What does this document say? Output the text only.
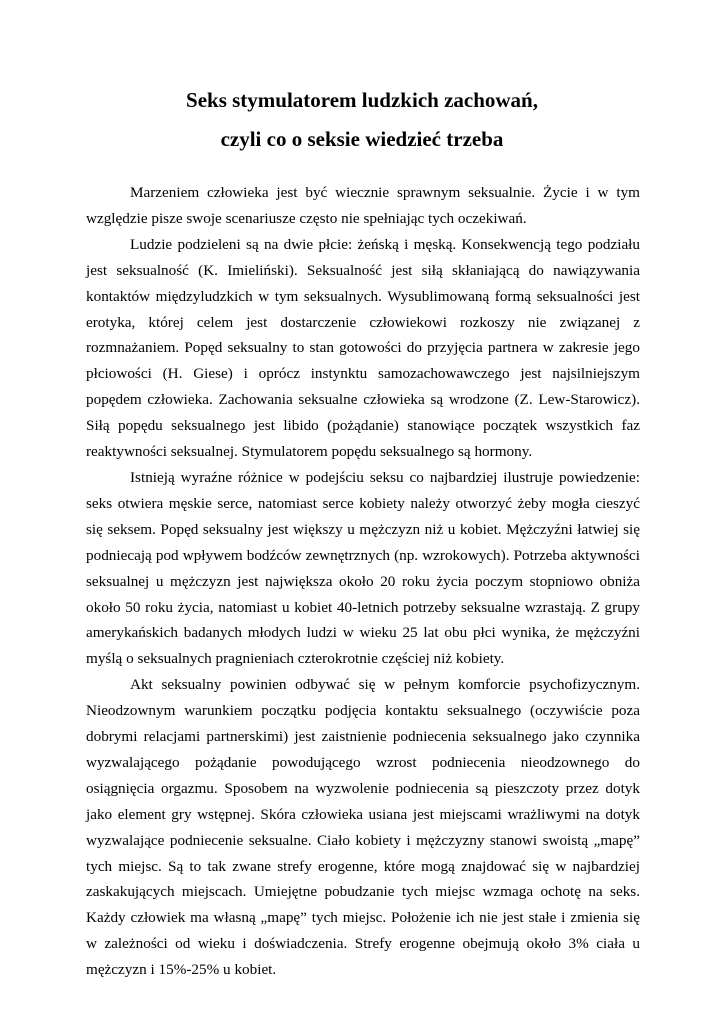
Seks stymulatorem ludzkich zachowań,
czyli co o seksie wiedzieć trzeba

Marzeniem człowieka jest być wiecznie sprawnym seksualnie. Życie i w tym względzie pisze swoje scenariusze często nie spełniając tych oczekiwań.

Ludzie podzieleni są na dwie płcie: żeńską i męską. Konsekwencją tego podziału jest seksualność (K. Imieliński). Seksualność jest siłą skłaniającą do nawiązywania kontaktów międzyludzkich w tym seksualnych. Wysublimowaną formą seksualności jest erotyka, której celem jest dostarczenie człowiekowi rozkoszy nie związanej z rozmnażaniem. Popęd seksualny to stan gotowości do przyjęcia partnera w zakresie jego płciowości (H. Giese) i oprócz instynktu samozachowawczego jest najsilniejszym popędem człowieka. Zachowania seksualne człowieka są wrodzone (Z. Lew-Starowicz). Siłą popędu seksualnego jest libido (pożądanie) stanowiące początek wszystkich faz reaktywności seksualnej. Stymulatorem popędu seksualnego są hormony.

Istnieją wyraźne różnice w podejściu seksu co najbardziej ilustruje powiedzenie: seks otwiera męskie serce, natomiast serce kobiety należy otworzyć żeby mogła cieszyć się seksem. Popęd seksualny jest większy u mężczyzn niż u kobiet. Mężczyźni łatwiej się podniecają pod wpływem bodźców zewnętrznych (np. wzrokowych). Potrzeba aktywności seksualnej u mężczyzn jest największa około 20 roku życia poczym stopniowo obniża około 50 roku życia, natomiast u kobiet 40-letnich potrzeby seksualne wzrastają. Z grupy amerykańskich badanych młodych ludzi w wieku 25 lat obu płci wynika, że mężczyźni myślą o seksualnych pragnieniach czterokrotnie częściej niż kobiety.

Akt seksualny powinien odbywać się w pełnym komforcie psychofizycznym. Nieodzownym warunkiem początku podjęcia kontaktu seksualnego (oczywiście poza dobrymi relacjami partnerskimi) jest zaistnienie podniecenia seksualnego jako czynnika wyzwalającego pożądanie powodującego wzrost podniecenia nieodzownego do osiągnięcia orgazmu. Sposobem na wyzwolenie podniecenia są pieszczoty przez dotyk jako element gry wstępnej. Skóra człowieka usiana jest miejscami wrażliwymi na dotyk wyzwalające podniecenie seksualne. Ciało kobiety i mężczyzny stanowi swoistą „mapę” tych miejsc. Są to tak zwane strefy erogenne, które mogą znajdować się w najbardziej zaskakujących miejscach. Umiejętne pobudzanie tych miejsc wzmaga ochotę na seks. Każdy człowiek ma własną „mapę” tych miejsc. Położenie ich nie jest stałe i zmienia się w zależności od wieku i doświadczenia. Strefy erogenne obejmują około 3% ciała u mężczyzn i 15%-25% u kobiet.
